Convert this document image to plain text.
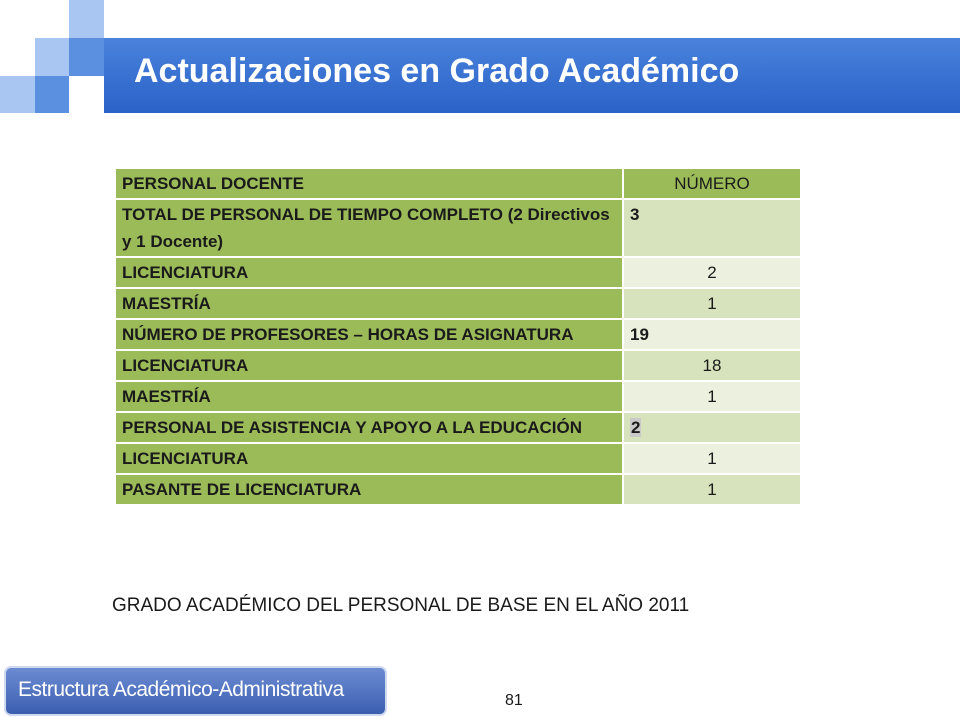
Actualizaciones en Grado Académico
PERSONAL DOCENTE	NÚMERO
TOTAL DE PERSONAL DE TIEMPO COMPLETO (2 Directivos y 1 Docente)	3
LICENCIATURA	2
MAESTRÍA	1
NÚMERO DE PROFESORES – HORAS DE ASIGNATURA	19
LICENCIATURA	18
MAESTRÍA	1
PERSONAL DE ASISTENCIA Y APOYO A LA EDUCACIÓN	2
LICENCIATURA	1
PASANTE DE LICENCIATURA	1
GRADO ACADÉMICO DEL PERSONAL DE BASE EN EL AÑO 2011
Estructura Académico-Administrativa	81
